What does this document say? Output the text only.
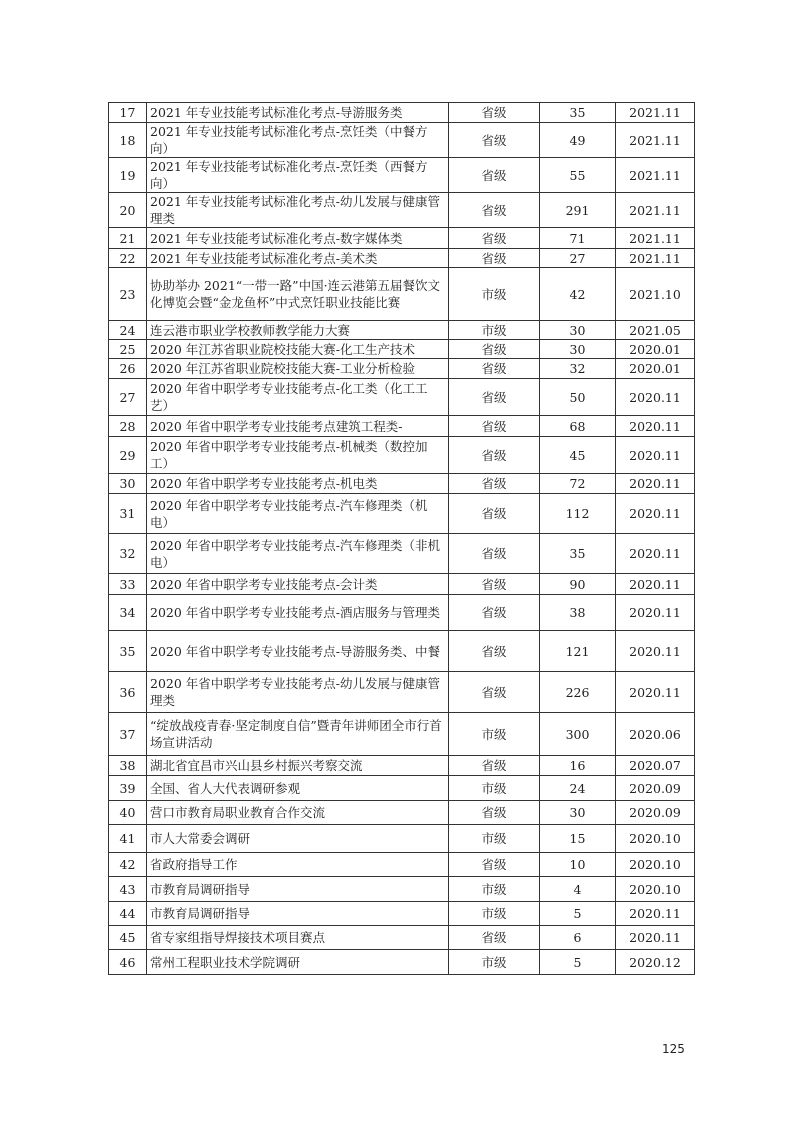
17	2021 年专业技能考试标准化考点-导游服务类	省级	35	2021.11
18	2021 年专业技能考试标准化考点-烹饪类（中餐方向）	省级	49	2021.11
19	2021 年专业技能考试标准化考点-烹饪类（西餐方向）	省级	55	2021.11
20	2021 年专业技能考试标准化考点-幼儿发展与健康管理类	省级	291	2021.11
21	2021 年专业技能考试标准化考点-数字媒体类	省级	71	2021.11
22	2021 年专业技能考试标准化考点-美术类	省级	27	2021.11
23	协助举办 2021“一带一路”中国·连云港第五届餐饮文化博览会暨“金龙鱼杯”中式烹饪职业技能比赛	市级	42	2021.10
24	连云港市职业学校教师教学能力大赛	市级	30	2021.05
25	2020 年江苏省职业院校技能大赛-化工生产技术	省级	30	2020.01
26	2020 年江苏省职业院校技能大赛-工业分析检验	省级	32	2020.01
27	2020 年省中职学考专业技能考点-化工类（化工工艺）	省级	50	2020.11
28	2020 年省中职学考专业技能考点建筑工程类-	省级	68	2020.11
29	2020 年省中职学考专业技能考点-机械类（数控加工）	省级	45	2020.11
30	2020 年省中职学考专业技能考点-机电类	省级	72	2020.11
31	2020 年省中职学考专业技能考点-汽车修理类（机电）	省级	112	2020.11
32	2020 年省中职学考专业技能考点-汽车修理类（非机电）	省级	35	2020.11
33	2020 年省中职学考专业技能考点-会计类	省级	90	2020.11
34	2020 年省中职学考专业技能考点-酒店服务与管理类	省级	38	2020.11
35	2020 年省中职学考专业技能考点-导游服务类、中餐	省级	121	2020.11
36	2020 年省中职学考专业技能考点-幼儿发展与健康管理类	省级	226	2020.11
37	“绽放战疫青春·坚定制度自信”暨青年讲师团全市行首场宣讲活动	市级	300	2020.06
38	湖北省宜昌市兴山县乡村振兴考察交流	省级	16	2020.07
39	全国、省人大代表调研参观	市级	24	2020.09
40	营口市教育局职业教育合作交流	省级	30	2020.09
41	市人大常委会调研	市级	15	2020.10
42	省政府指导工作	省级	10	2020.10
43	市教育局调研指导	市级	4	2020.10
44	市教育局调研指导	市级	5	2020.11
45	省专家组指导焊接技术项目赛点	省级	6	2020.11
46	常州工程职业技术学院调研	市级	5	2020.12
125
